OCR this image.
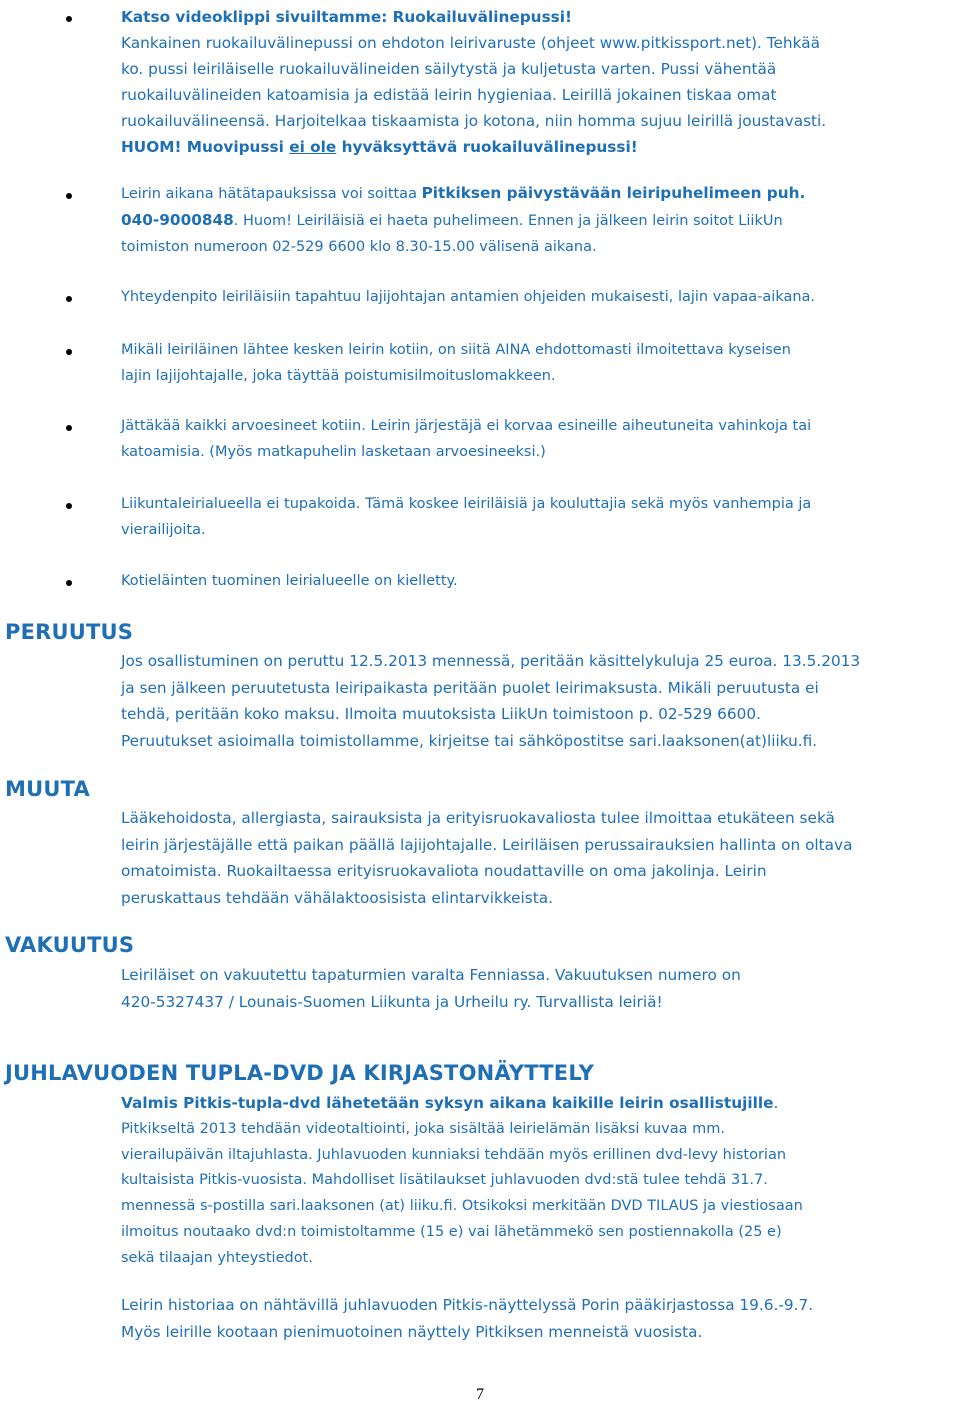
Katso videoklippi sivuiltamme: Ruokailuvälinepussi!
Kankainen ruokailuvälinepussi on ehdoton leirivaruste (ohjeet www.pitkissport.net). Tehkää
ko. pussi leiriläiselle ruokailuvälineiden säilytystä ja kuljetusta varten. Pussi vähentää
ruokailuvälineiden katoamisia ja edistää leirin hygieniaa. Leirillä jokainen tiskaa omat
ruokailuvälineensä. Harjoitelkaa tiskaamista jo kotona, niin homma sujuu leirillä joustavasti.
HUOM! Muovipussi ei ole hyväksyttävä ruokailuvälinepussi!
Leirin aikana hätätapauksissa voi soittaa Pitkiksen päivystävään leiripuhelimeen puh.
040-9000848. Huom! Leiriläisiä ei haeta puhelimeen. Ennen ja jälkeen leirin soitot LiikUn
toimiston numeroon 02-529 6600 klo 8.30-15.00 välisenä aikana.
Yhteydenpito leiriläisiin tapahtuu lajijohtajan antamien ohjeiden mukaisesti, lajin vapaa-aikana.
Mikäli leiriläinen lähtee kesken leirin kotiin, on siitä AINA ehdottomasti ilmoitettava kyseisen
lajin lajijohtajalle, joka täyttää poistumisilmoituslomakkeen.
Jättäkää kaikki arvoesineet kotiin. Leirin järjestäjä ei korvaa esineille aiheutuneita vahinkoja tai
katoamisia. (Myös matkapuhelin lasketaan arvoesineeksi.)
Liikuntaleirialueella ei tupakoida. Tämä koskee leiriläisiä ja kouluttajia sekä myös vanhempia ja
vierailijoita.
Kotieläinten tuominen leirialueelle on kielletty.
PERUUTUS
Jos osallistuminen on peruttu 12.5.2013 mennessä, peritään käsittelykuluja 25 euroa. 13.5.2013
ja sen jälkeen peruutetusta leiripaikasta peritään puolet leirimaksusta. Mikäli peruutusta ei
tehdä, peritään koko maksu. Ilmoita muutoksista LiikUn toimistoon p. 02-529 6600.
Peruutukset asioimalla toimistollamme, kirjeitse tai sähköpostitse sari.laaksonen(at)liiku.fi.
MUUTA
Lääkehoidosta, allergiasta, sairauksista ja erityisruokavaliosta tulee ilmoittaa etukäteen sekä
leirin järjestäjälle että paikan päällä lajijohtajalle. Leiriläisen perussairauksien hallinta on oltava
omatoimista. Ruokailtaessa erityisruokavaliota noudattaville on oma jakolinja. Leirin
peruskattaus tehdään vähälaktoosisista elintarvikkeista.
VAKUUTUS
Leiriläiset on vakuutettu tapaturmien varalta Fenniassa. Vakuutuksen numero on
420-5327437 / Lounais-Suomen Liikunta ja Urheilu ry. Turvallista leiriä!
JUHLAVUODEN TUPLA-DVD JA KIRJASTONÄYTTELY
Valmis Pitkis-tupla-dvd lähetetään syksyn aikana kaikille leirin osallistujille.
Pitkikseltä 2013 tehdään videotaltiointi, joka sisältää leirielämän lisäksi kuvaa mm.
vierailupäivän iltajuhlasta. Juhlavuoden kunniaksi tehdään myös erillinen dvd-levy historian
kultaisista Pitkis-vuosista. Mahdolliset lisätilaukset juhlavuoden dvd:stä tulee tehdä 31.7.
mennessä s-postilla sari.laaksonen (at) liiku.fi. Otsikoksi merkitään DVD TILAUS ja viestiosaan
ilmoitus noutaako dvd:n toimistoltamme (15 e) vai lähetämmekö sen postiennakolla (25 e)
sekä tilaajan yhteystiedot.
Leirin historiaa on nähtävillä juhlavuoden Pitkis-näyttelyssä Porin pääkirjastossa 19.6.-9.7.
Myös leirille kootaan pienimuotoinen näyttely Pitkiksen menneistä vuosista.
7
